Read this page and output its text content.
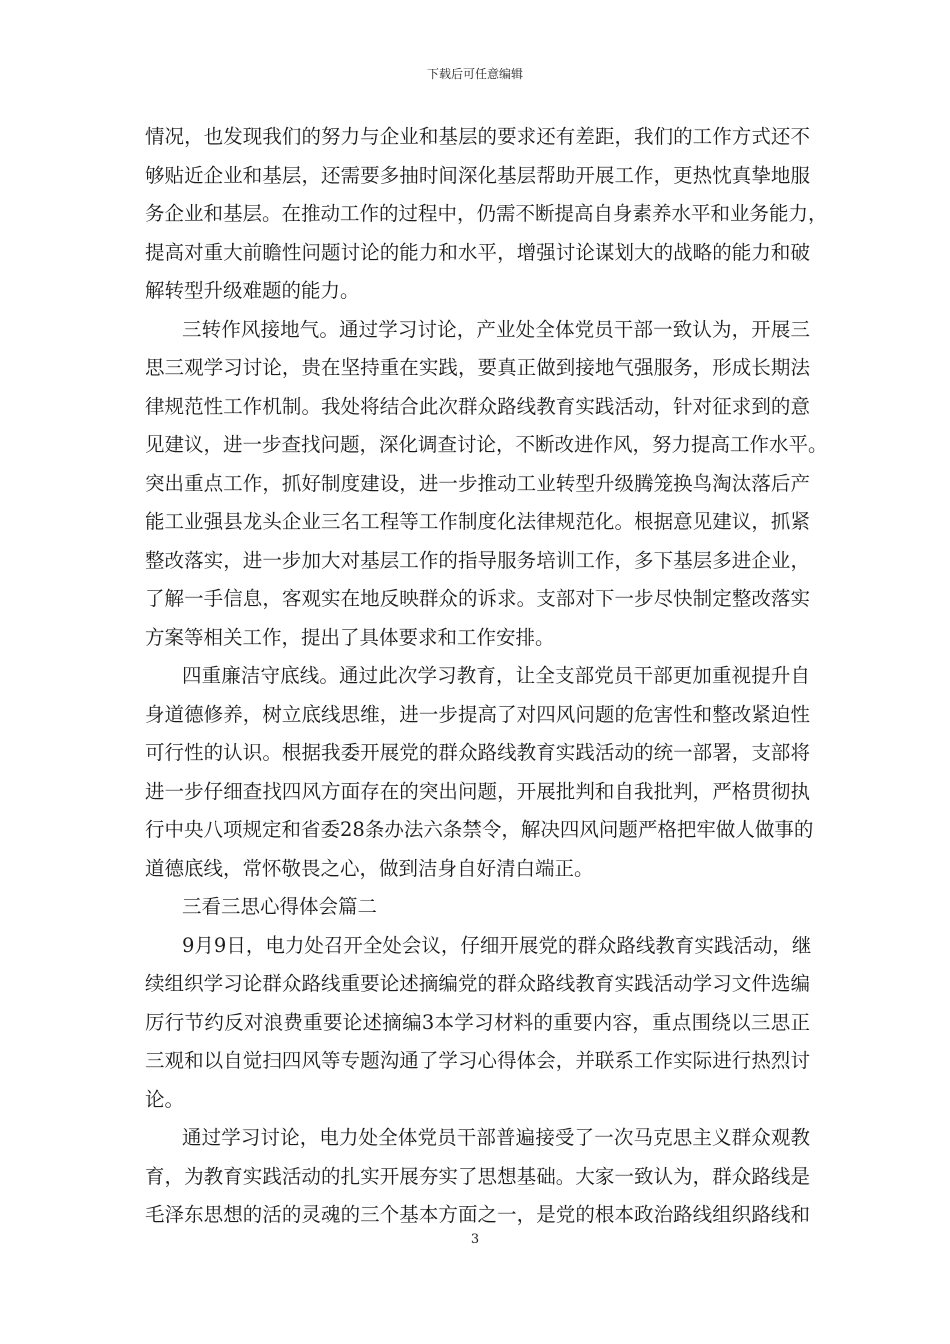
下载后可任意编辑
情况，也发现我们的努力与企业和基层的要求还有差距，我们的工作方式还不
够贴近企业和基层，还需要多抽时间深化基层帮助开展工作，更热忱真挚地服
务企业和基层。在推动工作的过程中，仍需不断提高自身素养水平和业务能力，
提高对重大前瞻性问题讨论的能力和水平，增强讨论谋划大的战略的能力和破
解转型升级难题的能力。
三转作风接地气。通过学习讨论，产业处全体党员干部一致认为，开展三
思三观学习讨论，贵在坚持重在实践，要真正做到接地气强服务，形成长期法
律规范性工作机制。我处将结合此次群众路线教育实践活动，针对征求到的意
见建议，进一步查找问题，深化调查讨论，不断改进作风，努力提高工作水平。
突出重点工作，抓好制度建设，进一步推动工业转型升级腾笼换鸟淘汰落后产
能工业强县龙头企业三名工程等工作制度化法律规范化。根据意见建议，抓紧
整改落实，进一步加大对基层工作的指导服务培训工作，多下基层多进企业，
了解一手信息，客观实在地反映群众的诉求。支部对下一步尽快制定整改落实
方案等相关工作，提出了具体要求和工作安排。
四重廉洁守底线。通过此次学习教育，让全支部党员干部更加重视提升自
身道德修养，树立底线思维，进一步提高了对四风问题的危害性和整改紧迫性
可行性的认识。根据我委开展党的群众路线教育实践活动的统一部署，支部将
进一步仔细查找四风方面存在的突出问题，开展批判和自我批判，严格贯彻执
行中央八项规定和省委28条办法六条禁令，解决四风问题严格把牢做人做事的
道德底线，常怀敬畏之心，做到洁身自好清白端正。
三看三思心得体会篇二
9月9日，电力处召开全处会议，仔细开展党的群众路线教育实践活动，继
续组织学习论群众路线重要论述摘编党的群众路线教育实践活动学习文件选编
厉行节约反对浪费重要论述摘编3本学习材料的重要内容，重点围绕以三思正
三观和以自觉扫四风等专题沟通了学习心得体会，并联系工作实际进行热烈讨
论。
通过学习讨论，电力处全体党员干部普遍接受了一次马克思主义群众观教
育，为教育实践活动的扎实开展夯实了思想基础。大家一致认为，群众路线是
毛泽东思想的活的灵魂的三个基本方面之一，是党的根本政治路线组织路线和
3
